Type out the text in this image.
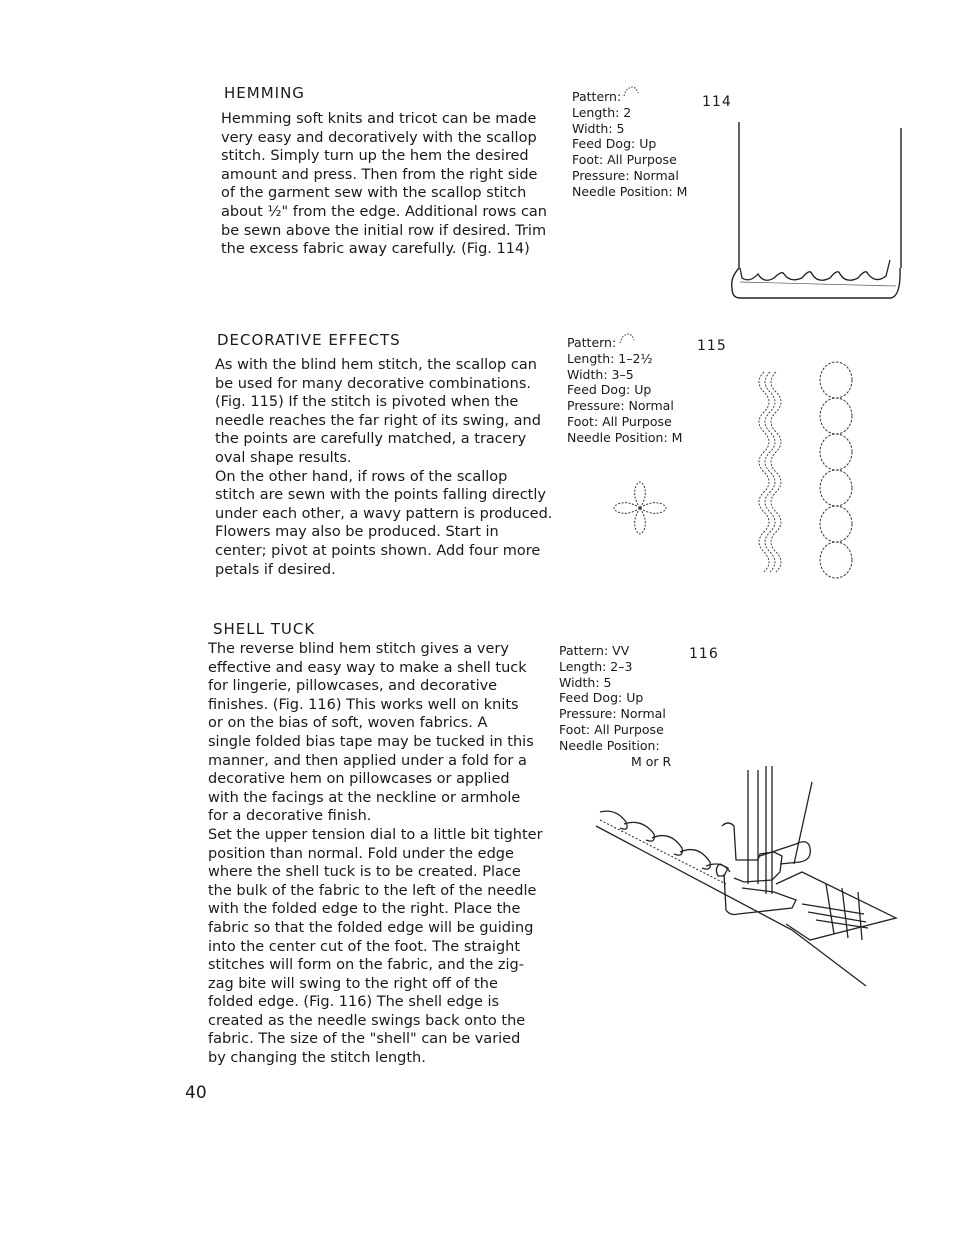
HEMMING
Hemming soft knits and tricot can be made
very easy and decoratively with the scallop
stitch. Simply turn up the hem the desired
amount and press. Then from the right side
of the garment sew with the scallop stitch
about ½" from the edge. Additional rows can
be sewn above the initial row if desired. Trim
the excess fabric away carefully. (Fig. 114)
Pattern:
Length: 2
Width: 5
Feed Dog: Up
Foot: All Purpose
Pressure: Normal
Needle Position: M
114
DECORATIVE EFFECTS
As with the blind hem stitch, the scallop can
be used for many decorative combinations.
(Fig. 115) If the stitch is pivoted when the
needle reaches the far right of its swing, and
the points are carefully matched, a tracery
oval shape results.
On the other hand, if rows of the scallop
stitch are sewn with the points falling directly
under each other, a wavy pattern is produced.
Flowers may also be produced. Start in
center; pivot at points shown. Add four more
petals if desired.
Pattern:
Length: 1–2½
Width: 3–5
Feed Dog: Up
Pressure: Normal
Foot: All Purpose
Needle Position: M
115
SHELL TUCK
The reverse blind hem stitch gives a very
effective and easy way to make a shell tuck
for lingerie, pillowcases, and decorative
finishes. (Fig. 116) This works well on knits
or on the bias of soft, woven fabrics. A
single folded bias tape may be tucked in this
manner, and then applied under a fold for a
decorative hem on pillowcases or applied
with the facings at the neckline or armhole
for a decorative finish.
Set the upper tension dial to a little bit tighter
position than normal. Fold under the edge
where the shell tuck is to be created. Place
the bulk of the fabric to the left of the needle
with the folded edge to the right. Place the
fabric so that the folded edge will be guiding
into the center cut of the foot. The straight
stitches will form on the fabric, and the zig-
zag bite will swing to the right off of the
folded edge. (Fig. 116) The shell edge is
created as the needle swings back onto the
fabric. The size of the "shell" can be varied
by changing the stitch length.
Pattern: VV
Length: 2–3
Width: 5
Feed Dog: Up
Pressure: Normal
Foot: All Purpose
Needle Position:
M or R
116
40
